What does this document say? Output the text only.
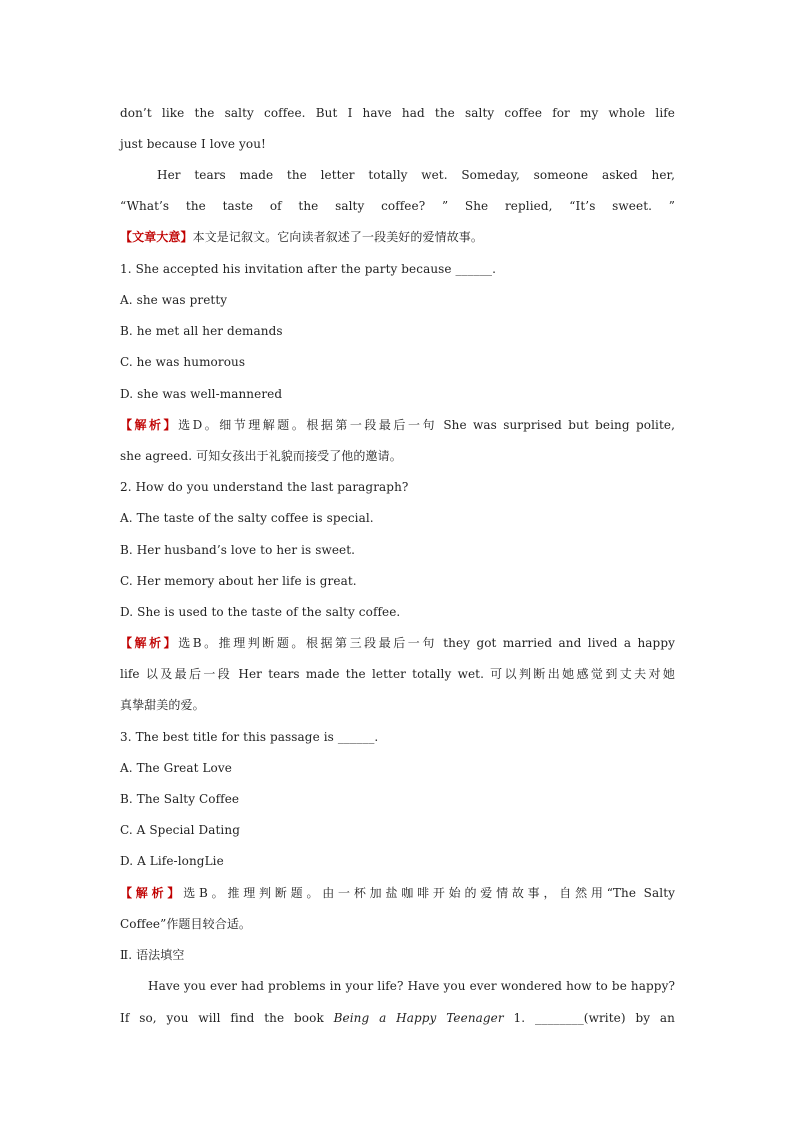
don’t like the salty coffee. But I have had the salty coffee for my whole life
just because I love you!
Her tears made the letter totally wet. Someday, someone asked her,
“What’s the taste of the salty coffee? ” She replied, “It’s sweet. ”
【文章大意】本文是记叙文。它向读者叙述了一段美好的爱情故事。
1. She accepted his invitation after the party because ______.
A. she was pretty
B. he met all her demands
C. he was humorous
D. she was well-mannered
【解析】选D。细节理解题。根据第一段最后一句 She was surprised but being polite,
she agreed. 可知女孩出于礼貌而接受了他的邀请。
2. How do you understand the last paragraph?
A. The taste of the salty coffee is special.
B. Her husband’s love to her is sweet.
C. Her memory about her life is great.
D. She is used to the taste of the salty coffee.
【解析】选B。推理判断题。根据第三段最后一句 they got married and lived a happy
life 以及最后一段 Her tears made the letter totally wet. 可以判断出她感觉到丈夫对她
真挚甜美的爱。
3. The best title for this passage is ______.
A. The Great Love
B. The Salty Coffee
C. A Special Dating
D. A Life-longLie
【解析】选B。推理判断题。由一杯加盐咖啡开始的爱情故事，自然用“The Salty
Coffee”作题目较合适。
Ⅱ. 语法填空
Have you ever had problems in your life? Have you ever wondered how to be happy?
If so, you will find the book Being a Happy Teenager 1. ________(write) by an
